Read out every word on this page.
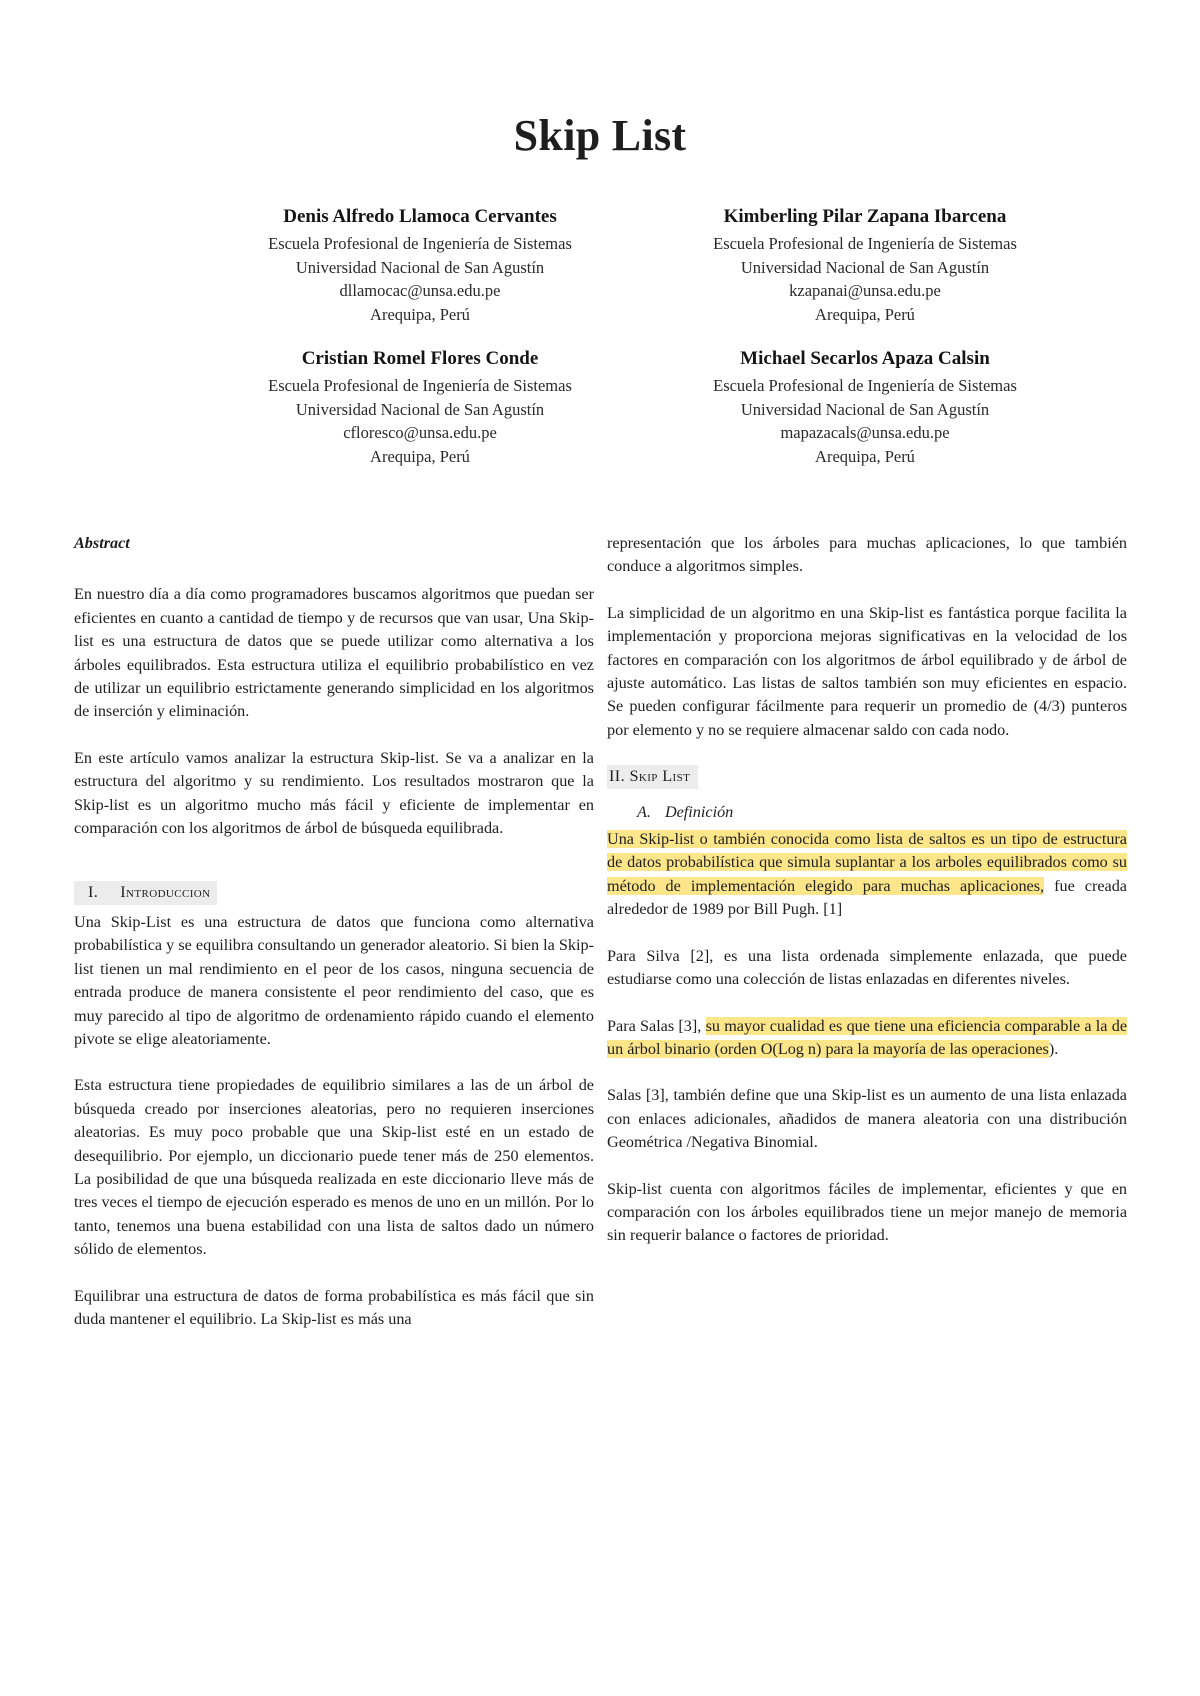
Skip List
Denis Alfredo Llamoca Cervantes
Escuela Profesional de Ingeniería de Sistemas
Universidad Nacional de San Agustín
dllamocac@unsa.edu.pe
Arequipa, Perú
Kimberling Pilar Zapana Ibarcena
Escuela Profesional de Ingeniería de Sistemas
Universidad Nacional de San Agustín
kzapanai@unsa.edu.pe
Arequipa, Perú
Cristian Romel Flores Conde
Escuela Profesional de Ingeniería de Sistemas
Universidad Nacional de San Agustín
cfloresco@unsa.edu.pe
Arequipa, Perú
Michael Secarlos Apaza Calsin
Escuela Profesional de Ingeniería de Sistemas
Universidad Nacional de San Agustín
mapazacals@unsa.edu.pe
Arequipa, Perú
Abstract

En nuestro día a día como programadores buscamos algoritmos que puedan ser eficientes en cuanto a cantidad de tiempo y de recursos que van usar, Una Skip-list es una estructura de datos que se puede utilizar como alternativa a los árboles equilibrados. Esta estructura utiliza el equilibrio probabilístico en vez de utilizar un equilibrio estrictamente generando simplicidad en los algoritmos de inserción y eliminación.

En este artículo vamos analizar la estructura Skip-list. Se va a analizar en la estructura del algoritmo y su rendimiento. Los resultados mostraron que la Skip-list es un algoritmo mucho más fácil y eficiente de implementar en comparación con los algoritmos de árbol de búsqueda equilibrada.

I. Introduccion

Una Skip-List es una estructura de datos que funciona como alternativa probabilística y se equilibra consultando un generador aleatorio. Si bien la Skip-list tienen un mal rendimiento en el peor de los casos, ninguna secuencia de entrada produce de manera consistente el peor rendimiento del caso, que es muy parecido al tipo de algoritmo de ordenamiento rápido cuando el elemento pivote se elige aleatoriamente.

Esta estructura tiene propiedades de equilibrio similares a las de un árbol de búsqueda creado por inserciones aleatorias, pero no requieren inserciones aleatorias. Es muy poco probable que una Skip-list esté en un estado de desequilibrio. Por ejemplo, un diccionario puede tener más de 250 elementos. La posibilidad de que una búsqueda realizada en este diccionario lleve más de tres veces el tiempo de ejecución esperado es menos de uno en un millón. Por lo tanto, tenemos una buena estabilidad con una lista de saltos dado un número sólido de elementos.

Equilibrar una estructura de datos de forma probabilística es más fácil que sin duda mantener el equilibrio. La Skip-list es más una

representación que los árboles para muchas aplicaciones, lo que también conduce a algoritmos simples.

La simplicidad de un algoritmo en una Skip-list es fantástica porque facilita la implementación y proporciona mejoras significativas en la velocidad de los factores en comparación con los algoritmos de árbol equilibrado y de árbol de ajuste automático. Las listas de saltos también son muy eficientes en espacio. Se pueden configurar fácilmente para requerir un promedio de (4/3) punteros por elemento y no se requiere almacenar saldo con cada nodo.

II. Skip List
A. Definición

Una Skip-list o también conocida como lista de saltos es un tipo de estructura de datos probabilística que simula suplantar a los arboles equilibrados como su método de implementación elegido para muchas aplicaciones, fue creada alrededor de 1989 por Bill Pugh. [1]

Para Silva [2], es una lista ordenada simplemente enlazada, que puede estudiarse como una colección de listas enlazadas en diferentes niveles.

Para Salas [3], su mayor cualidad es que tiene una eficiencia comparable a la de un árbol binario (orden O(Log n) para la mayoría de las operaciones).

Salas [3], también define que una Skip-list es un aumento de una lista enlazada con enlaces adicionales, añadidos de manera aleatoria con una distribución Geométrica /Negativa Binomial.

Skip-list cuenta con algoritmos fáciles de implementar, eficientes y que en comparación con los árboles equilibrados tiene un mejor manejo de memoria sin requerir balance o factores de prioridad.
